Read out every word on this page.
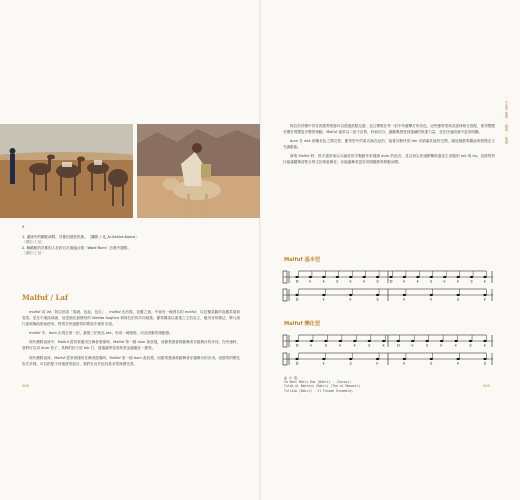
▲
1. 邊境中的駱駝商隊，貝都因遊牧民族。〔攝影 / 北_Al-Sahira-Kubra〕
（攝影/王福）
2. 騎駱駝的貝都因人在約旦瓦迪倫沙漠（Wadi Rum）沙漠中趕路。
（攝影/王福）
Malfuf / Laf

malfuf 或 laf，阿拉伯語「捲繞、包起、包住」，malfuf 也有捲，包覆之意。中東有一種著名的 malfuf，以包覆菜餚的高麗菜葉和卷菜，是在中東區域裡，這是個在最簡易的 Wahda Saghira 和阿拉伯的共同地基。節奏構造以重複之主拍為主，應用非常廣泛，舉凡流行曲與舞曲都會使用，特別在快速節奏的歌曲中最常出現。

malfuf 中，dum 出現在第一拍，最後三拍皆為 tek，形成一種推進、向前滾動的律動感。

現代樂隊表演中，Malfuf 經常被運用在舞者進場時。Malfuf 第一個 dum 會放強，而節奏感會推動舞者穿越舞台的步伐。在快速時，我們可以用 dum 拍子，其餘的拍子用 tek 打，建議讓學習者熟悉並適應此一節奏。

現代樂隊表演，Malfuf 經常被運用在舞者進場時。Malfuf 第一個 dum 會放強，而節奏感會推動舞者穿越舞台的步伐。這節奏的變化形式多樣，可以搭配不同速度的曲目，我們在此介紹其基本型與變化型。

008
一 中東的 樂理 ・ 圖像 ・ 樂器

阿拉伯音樂中常見的節奏型態可以透過鼓點記譜，並且標明在每一拍中所應擊打的音色。這些節奏型與其旋律相互搭配，使得整體音樂呈現豐富多變的律動。Malfuf 通常以二拍子計算，時值均分，讓聽眾感受到連續的推進力量，並在快速段落中更加明顯。

dum 在 dek 兩種音色之間交替，節奏型中的重音落在起拍，接著以輕快的 tek 音填滿其後的空間，讓這個節奏聽起來既穩定又充滿動能。

演奏 Malfuf 時，鼓手通常會以大幅度的手腕動作來強調 dum 的低音，並以指尖快速點擊鼓邊產生清脆的 tek 與 ka。這樣的對比能讓聽眾清楚分辨主拍與裝飾音，亦能讓舞者更容易跟隨節奏移動身體。

Malfuf 基本型
D	k	k	S	k	k	S	D	k	k	S	k	k	S	k
D	k	k	S	k	k	S	k
Malfuf 變化型
D	k	S	k	k	S	k	D	k	S	k	k	S	k
D	k	S	k	k	S	k	S
曲 中 選：
Ya Bent Bahri Ras (Bahri) - (Sarour)
Taleb al Bahrein (Bahri) (Tha al Mowasir)
Tullaib (Bahri) - El Funoon Ensemble)
009
